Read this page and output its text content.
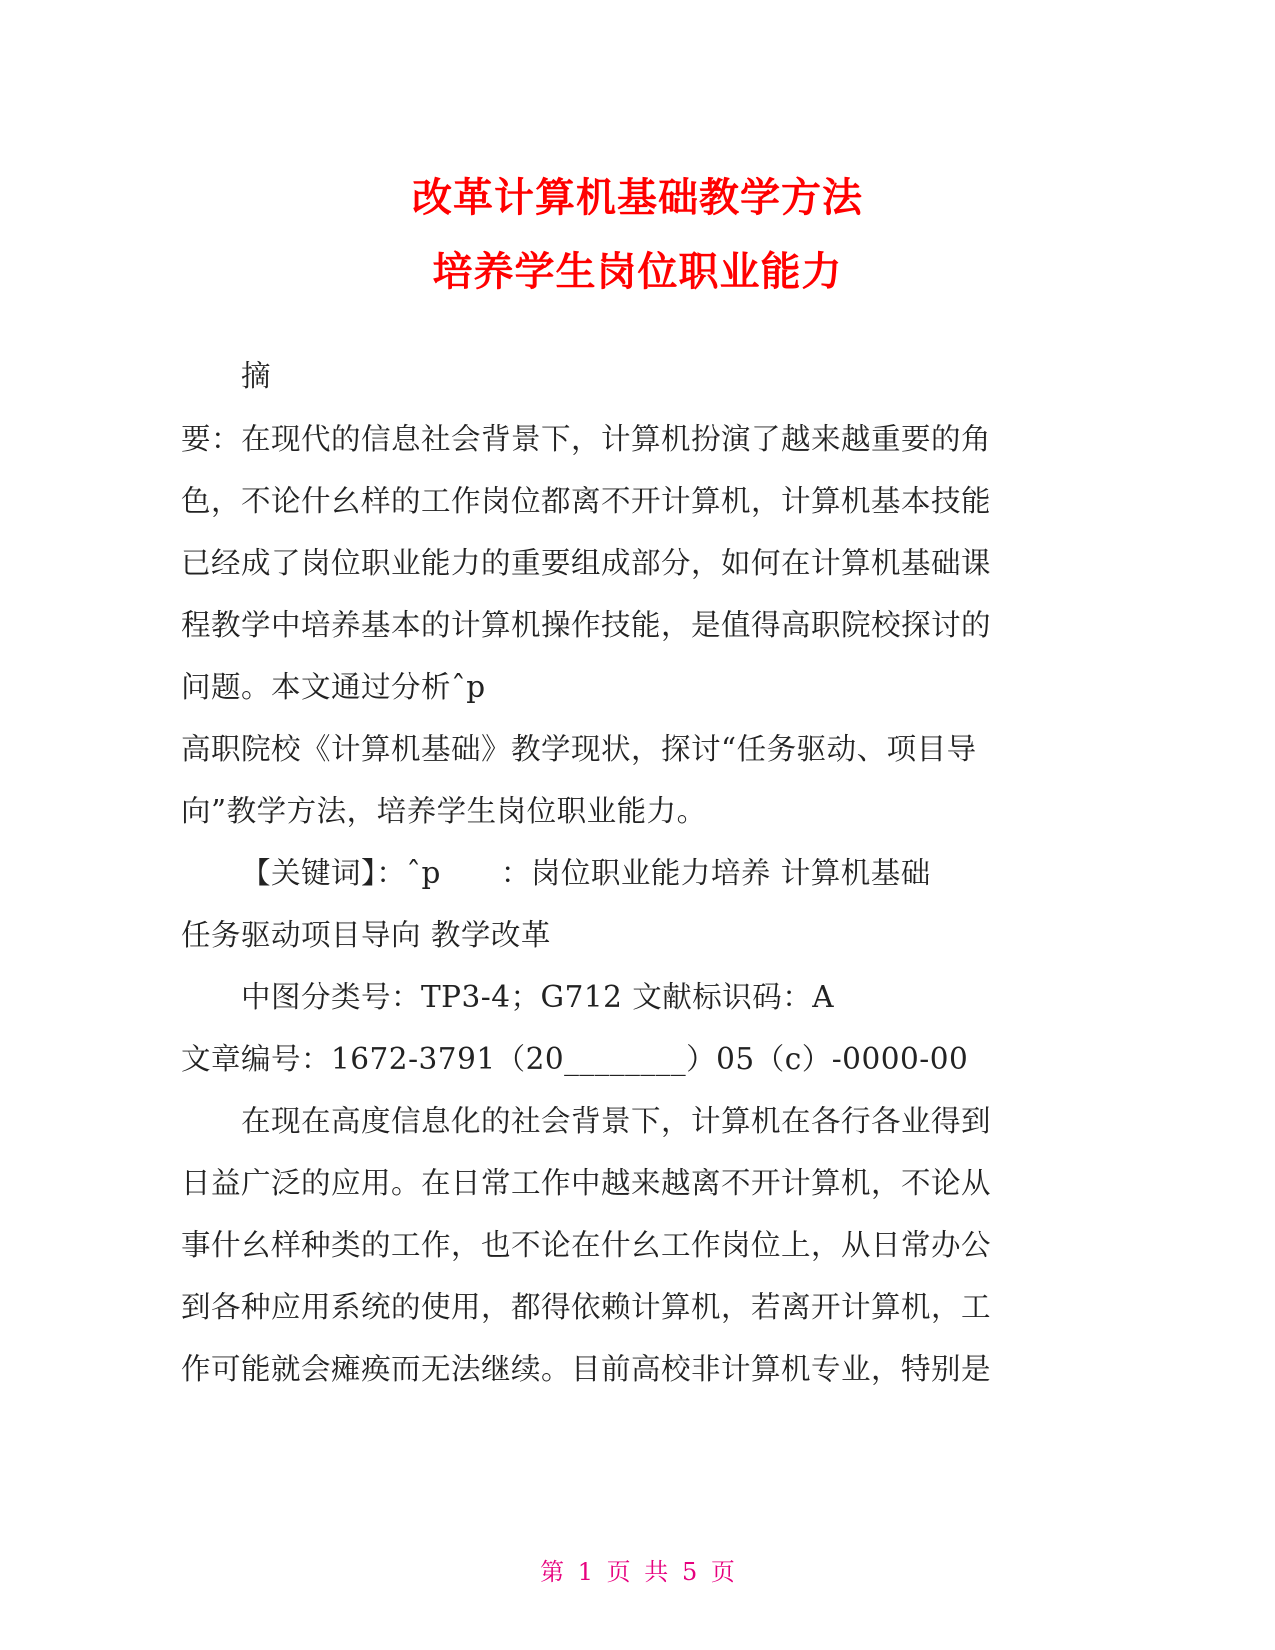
改革计算机基础教学方法
培养学生岗位职业能力
摘
要：在现代的信息社会背景下，计算机扮演了越来越重要的角
色，不论什幺样的工作岗位都离不开计算机，计算机基本技能
已经成了岗位职业能力的重要组成部分，如何在计算机基础课
程教学中培养基本的计算机操作技能，是值得高职院校探讨的
问题。本文通过分析ˆp
高职院校《计算机基础》教学现状，探讨“任务驱动、项目导
向”教学方法，培养学生岗位职业能力。
【关键词】：ˆp　　：岗位职业能力培养 计算机基础
任务驱动项目导向 教学改革
中图分类号：TP3-4；G712 文献标识码：A
文章编号：1672-3791（20________）05（c）-0000-00
在现在高度信息化的社会背景下，计算机在各行各业得到
日益广泛的应用。在日常工作中越来越离不开计算机，不论从
事什幺样种类的工作，也不论在什幺工作岗位上，从日常办公
到各种应用系统的使用，都得依赖计算机，若离开计算机，工
作可能就会瘫痪而无法继续。目前高校非计算机专业，特别是
第 1 页 共 5 页
